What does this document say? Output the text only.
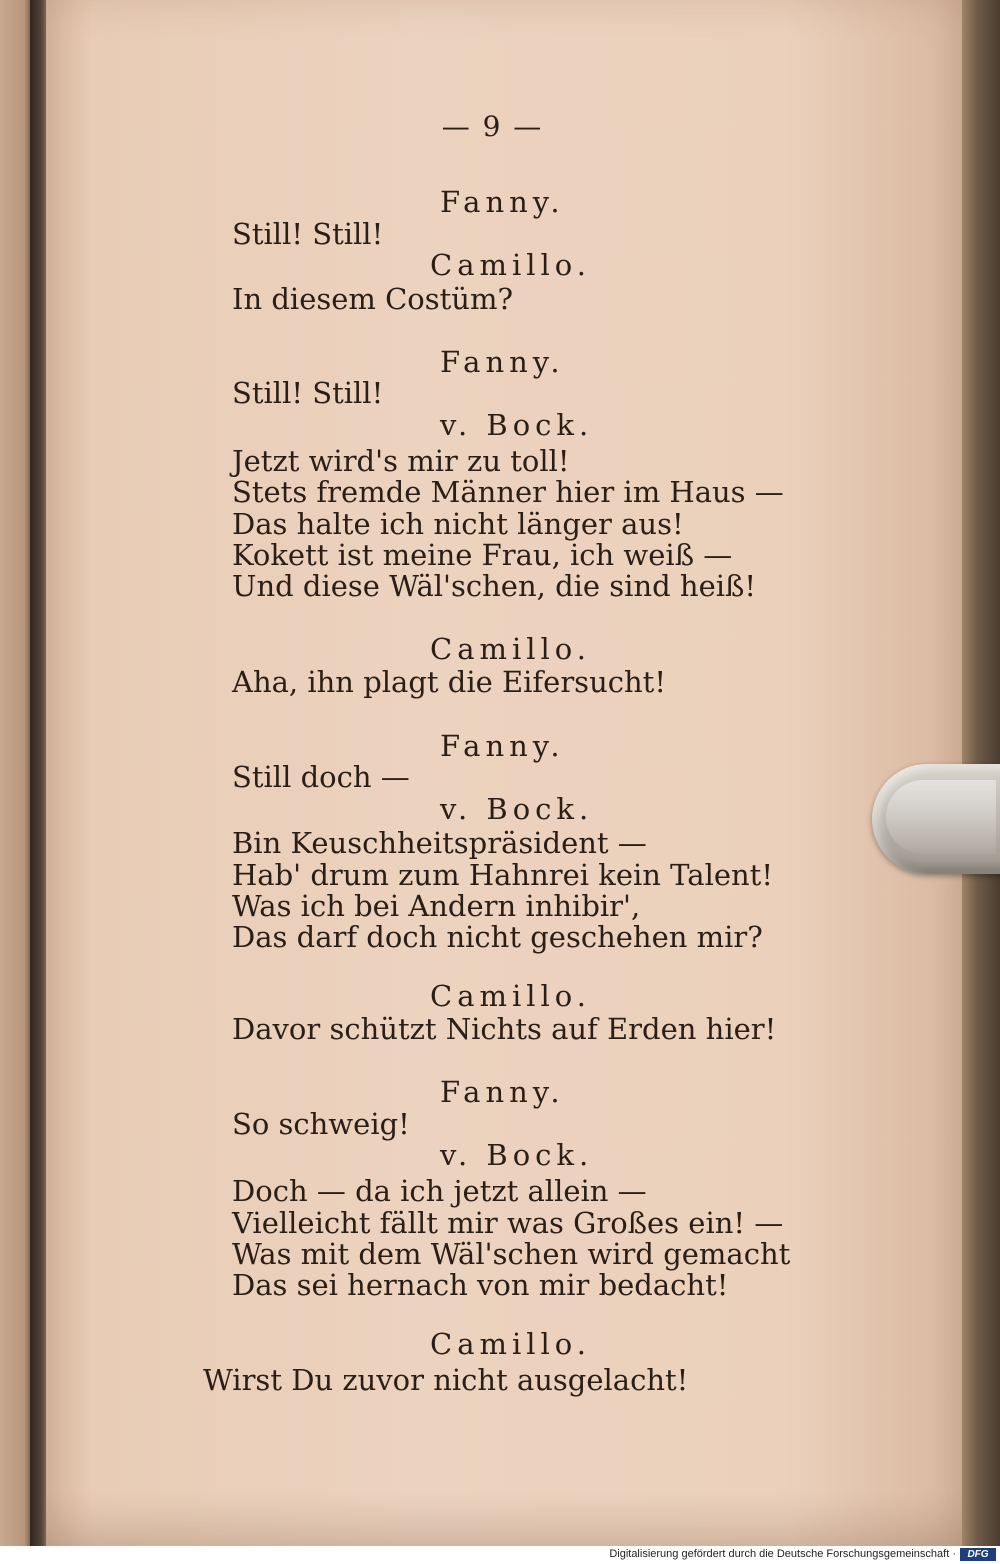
— 9 —
Fanny.
Still! Still!
Camillo.
In diesem Costüm?
Fanny.
Still! Still!
v. Bock.
Jetzt wird's mir zu toll!
Stets fremde Männer hier im Haus —
Das halte ich nicht länger aus!
Kokett ist meine Frau, ich weiß —
Und diese Wäl'schen, die sind heiß!
Camillo.
Aha, ihn plagt die Eifersucht!
Fanny.
Still doch —
v. Bock.
Bin Keuschheitspräsident —
Hab' drum zum Hahnrei kein Talent!
Was ich bei Andern inhibir',
Das darf doch nicht geschehen mir?
Camillo.
Davor schützt Nichts auf Erden hier!
Fanny.
So schweig!
v. Bock.
Doch — da ich jetzt allein —
Vielleicht fällt mir was Großes ein! —
Was mit dem Wäl'schen wird gemacht
Das sei hernach von mir bedacht!
Camillo.
Wirst Du zuvor nicht ausgelacht!
Digitalisierung gefördert durch die Deutsche Forschungsgemeinschaft ·	DFG
